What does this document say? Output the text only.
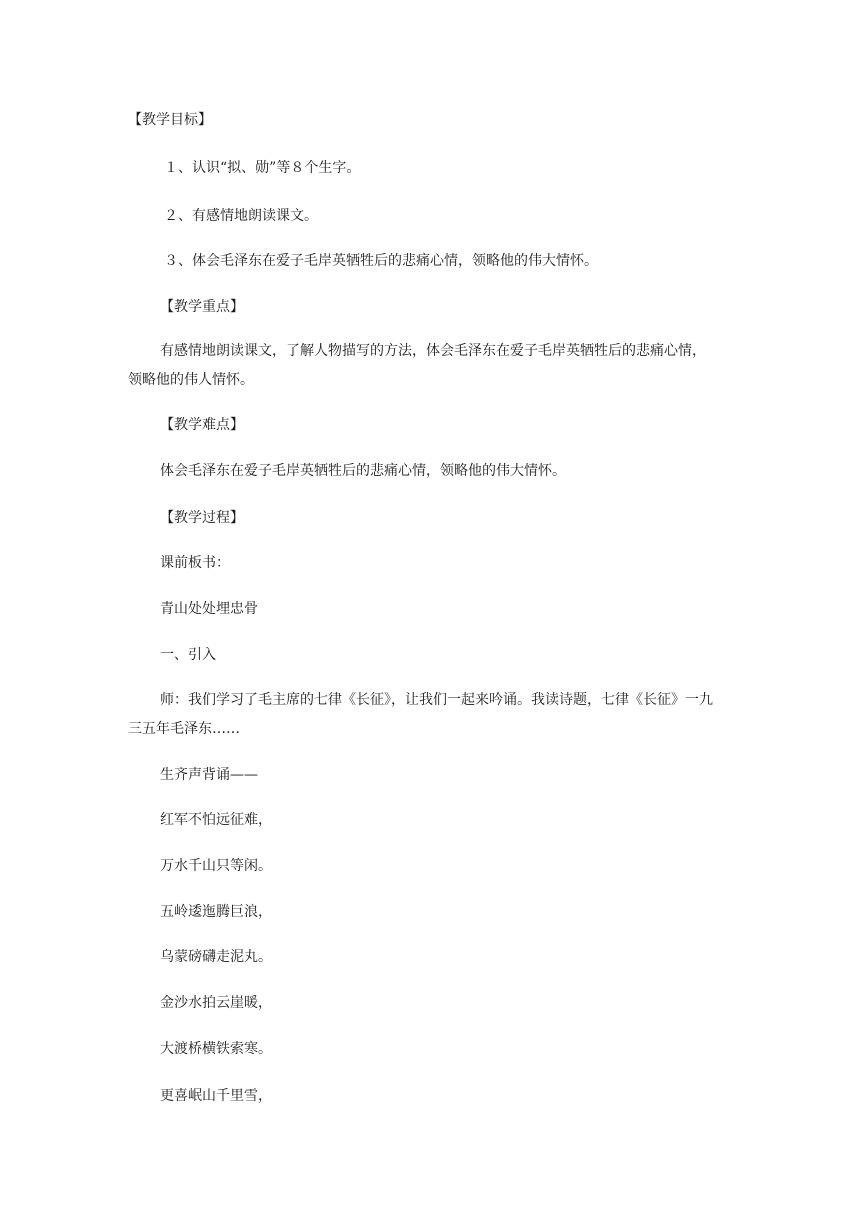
【教学目标】
１、认识“拟、勋”等８个生字。
２、有感情地朗读课文。
３、体会毛泽东在爱子毛岸英牺牲后的悲痛心情，领略他的伟大情怀。
【教学重点】
有感情地朗读课文，了解人物描写的方法，体会毛泽东在爱子毛岸英牺牲后的悲痛心情，领略他的伟人情怀。
【教学难点】
体会毛泽东在爱子毛岸英牺牲后的悲痛心情，领略他的伟大情怀。
【教学过程】
课前板书：
青山处处埋忠骨
一、引入
师：我们学习了毛主席的七律《长征》，让我们一起来吟诵。我读诗题，七律《长征》一九三五年毛泽东……
生齐声背诵——
红军不怕远征难，
万水千山只等闲。
五岭逶迤腾巨浪，
乌蒙磅礴走泥丸。
金沙水拍云崖暖，
大渡桥横铁索寒。
更喜岷山千里雪，
